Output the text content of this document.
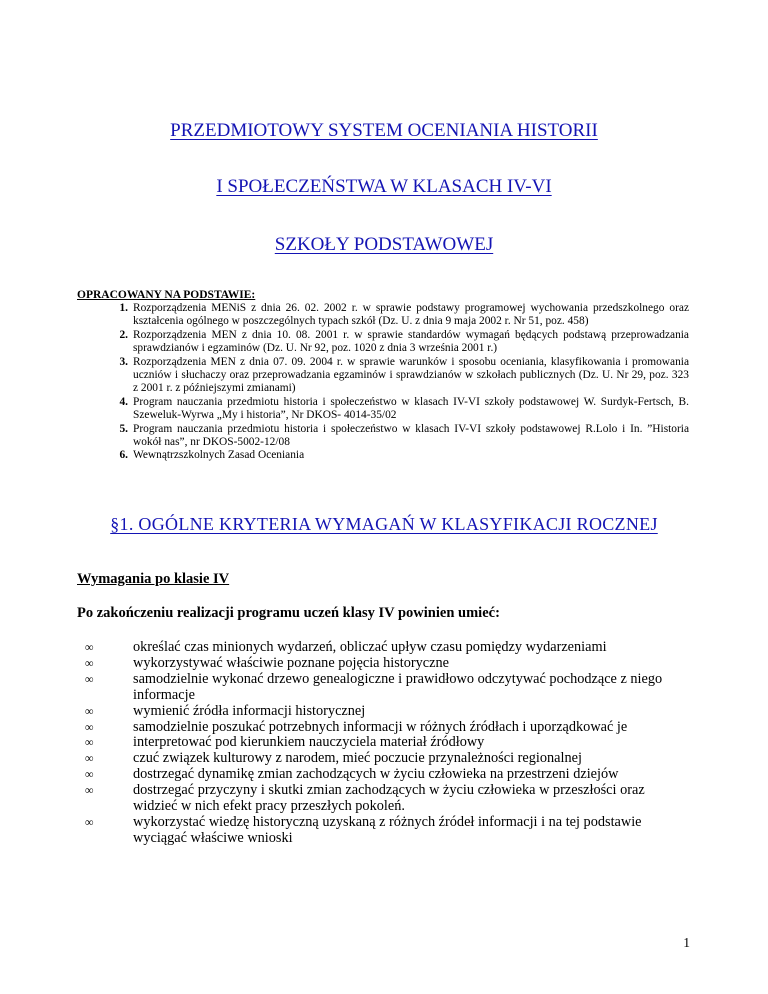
PRZEDMIOTOWY SYSTEM OCENIANIA HISTORII
I SPOŁECZEŃSTWA W KLASACH IV-VI
SZKOŁY PODSTAWOWEJ

OPRACOWANY NA PODSTAWIE:

1. Rozporządzenia MENiS z dnia 26. 02. 2002 r. w sprawie podstawy programowej wychowania przedszkolnego oraz kształcenia ogólnego w poszczególnych typach szkół (Dz. U. z dnia 9 maja 2002 r. Nr 51, poz. 458)
2. Rozporządzenia MEN z dnia 10. 08. 2001 r. w sprawie standardów wymagań będących podstawą przeprowadzania sprawdzianów i egzaminów (Dz. U. Nr 92, poz. 1020 z dnia 3 września 2001 r.)
3. Rozporządzenia MEN z dnia 07. 09. 2004 r. w sprawie warunków i sposobu oceniania, klasyfikowania i promowania uczniów i słuchaczy oraz przeprowadzania egzaminów i sprawdzianów w szkołach publicznych (Dz. U. Nr 29, poz. 323 z 2001 r. z późniejszymi zmianami)
4. Program nauczania przedmiotu historia i społeczeństwo w klasach IV-VI szkoły podstawowej W. Surdyk-Fertsch, B. Szeweluk-Wyrwa „My i historia”, Nr DKOS- 4014-35/02
5. Program nauczania przedmiotu historia i społeczeństwo w klasach IV-VI szkoły podstawowej R.Lolo i In. ”Historia wokół nas”, nr DKOS-5002-12/08
6. Wewnątrzszkolnych Zasad Oceniania
§1. OGÓLNE KRYTERIA WYMAGAŃ W KLASYFIKACJI ROCZNEJ

Wymagania po klasie IV

Po zakończeniu realizacji programu uczeń klasy IV powinien umieć:

∞	określać czas minionych wydarzeń, obliczać upływ czasu pomiędzy wydarzeniami
∞	wykorzystywać właściwie poznane pojęcia historyczne
∞	samodzielnie wykonać drzewo genealogiczne i prawidłowo odczytywać pochodzące z niego informacje
∞	wymienić źródła informacji historycznej
∞	samodzielnie poszukać potrzebnych informacji w różnych źródłach i uporządkować je
∞	interpretować pod kierunkiem nauczyciela materiał źródłowy
∞	czuć związek kulturowy z narodem, mieć poczucie przynależności regionalnej
∞	dostrzegać dynamikę zmian zachodzących w życiu człowieka na przestrzeni dziejów
∞	dostrzegać przyczyny i skutki zmian zachodzących w życiu człowieka w przeszłości oraz widzieć w nich efekt pracy przeszłych pokoleń.
∞	wykorzystać wiedzę historyczną uzyskaną z różnych źródeł informacji i na tej podstawie wyciągać właściwe wnioski

1
